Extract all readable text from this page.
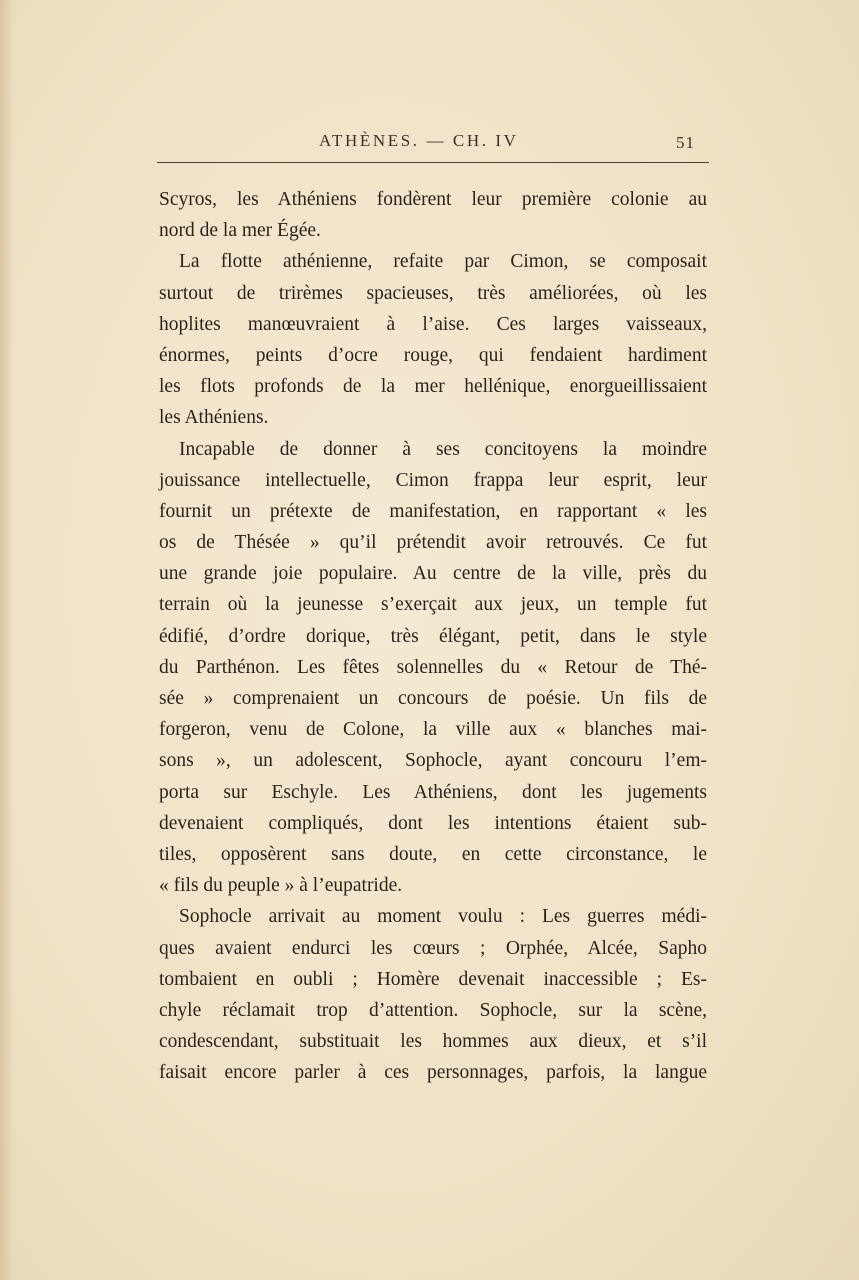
ATHÈNES. — CH. IV	51
Scyros, les Athéniens fondèrent leur première colonie au
nord de la mer Égée.
La flotte athénienne, refaite par Cimon, se composait
surtout de trirèmes spacieuses, très améliorées, où les
hoplites manœuvraient à l’aise. Ces larges vaisseaux,
énormes, peints d’ocre rouge, qui fendaient hardiment
les flots profonds de la mer hellénique, enorgueillissaient
les Athéniens.
Incapable de donner à ses concitoyens la moindre
jouissance intellectuelle, Cimon frappa leur esprit, leur
fournit un prétexte de manifestation, en rapportant « les
os de Thésée » qu’il prétendit avoir retrouvés. Ce fut
une grande joie populaire. Au centre de la ville, près du
terrain où la jeunesse s’exerçait aux jeux, un temple fut
édifié, d’ordre dorique, très élégant, petit, dans le style
du Parthénon. Les fêtes solennelles du « Retour de Thé-
sée » comprenaient un concours de poésie. Un fils de
forgeron, venu de Colone, la ville aux « blanches mai-
sons », un adolescent, Sophocle, ayant concouru l’em-
porta sur Eschyle. Les Athéniens, dont les jugements
devenaient compliqués, dont les intentions étaient sub-
tiles, opposèrent sans doute, en cette circonstance, le
« fils du peuple » à l’eupatride.
Sophocle arrivait au moment voulu : Les guerres médi-
ques avaient endurci les cœurs ; Orphée, Alcée, Sapho
tombaient en oubli ; Homère devenait inaccessible ; Es-
chyle réclamait trop d’attention. Sophocle, sur la scène,
condescendant, substituait les hommes aux dieux, et s’il
faisait encore parler à ces personnages, parfois, la langue
